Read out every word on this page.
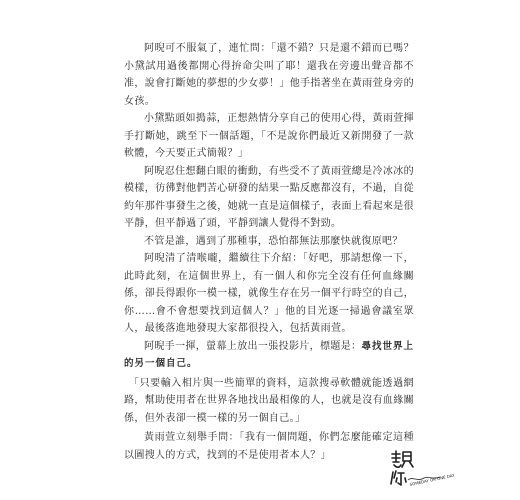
阿晲可不服氣了，連忙問：「還不錯？只是還不錯而已嗎？小黛試用過後都開心得拚命尖叫了耶！還我在旁邊出聲音都不准，說會打斷她的夢想的少女夢！」他手指著坐在黃雨萱身旁的女孩。

小黛點頭如搗蒜，正想熱情分享自己的使用心得，黃雨萱揮手打斷她，跳至下一個話題，「不是說你們最近又新開發了一款軟體，今天要正式簡報？」

阿晲忍住想翻白眼的衝動，有些受不了黃雨萱總是冷冰冰的模樣，彷彿對他們苦心研發的結果一點反應都沒有，不過，自從約年那件事發生之後，她就一直是這個樣子，表面上看起來是很平靜，但平靜過了頭，平靜到讓人覺得不對勁。

不管是誰，遇到了那種事，恐怕都無法那麼快就復原吧？

阿晲清了清喉嚨，繼續往下介紹：「好吧，那請想像一下，此時此刻，在這個世界上，有一個人和你完全沒有任何血緣關係，卻長得跟你一模一樣，就像生存在另一個平行時空的自己，你……會不會想要找到這個人？」他的目光逐一掃過會議室眾人，最後落進地發現大家都很投入，包括黃雨萱。

阿晲手一揮，螢幕上放出一張投影片，標題是：尋找世界上的另一個自己。

「只要輸入相片與一些簡單的資料，這款搜尋軟體就能透過網路，幫助使用者在世界各地找出最相像的人，也就是沒有血緣關係，但外表卻一模一樣的另一個自己。」

黃雨萱立刻舉手問：「我有一個問題，你們怎麼能確定這種以圖搜人的方式，找到的不是使用者本人？」

SOMEDAY OR ONE DAY
